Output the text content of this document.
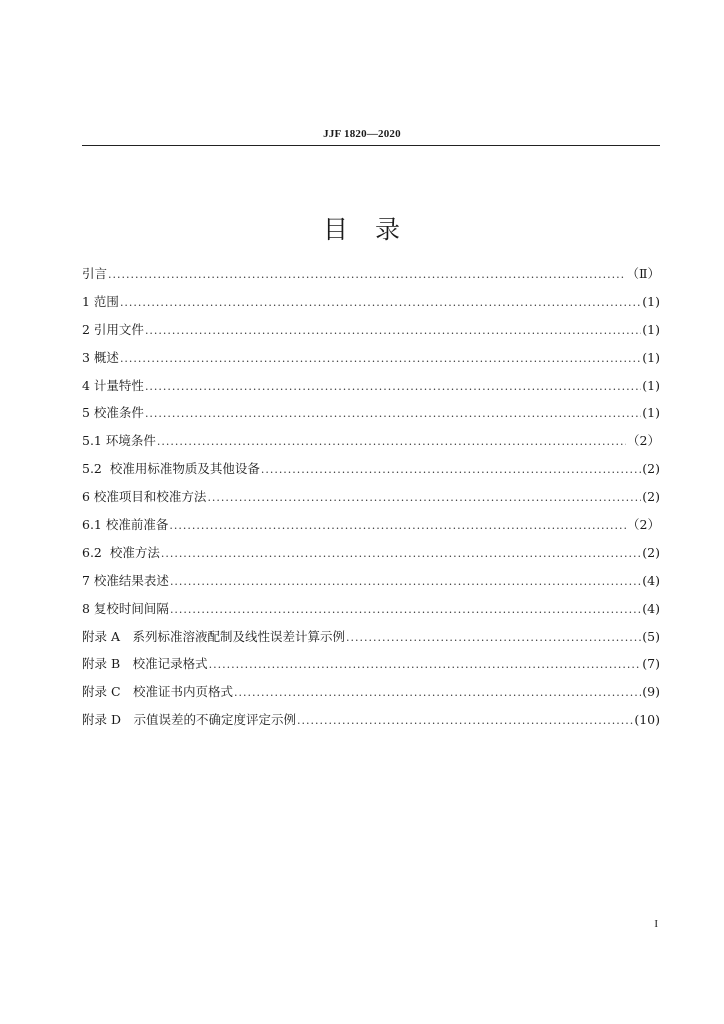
JJF 1820—2020
目　录
引言 .....	（Ⅱ）
1 范围 .....	(1)
2 引用文件 .....	(1)
3 概述 .....	(1)
4 计量特性 .....	(1)
5 校准条件 .....	(1)
5.1 环境条件 .....	（2）
5.2  校准用标准物质及其他设备 .....	(2)
6 校准项目和校准方法 .....	(2)
6.1 校准前准备 .....	（2）
6.2  校准方法 .....	(2)
7 校准结果表述 .....	(4)
8 复校时间间隔 .....	(4)
附录 A　系列标准溶液配制及线性误差计算示例 .....	(5)
附录 B　校准记录格式 .....	(7)
附录 C　校准证书内页格式 .....	(9)
附录 D　示值误差的不确定度评定示例 .....	(10)
I
